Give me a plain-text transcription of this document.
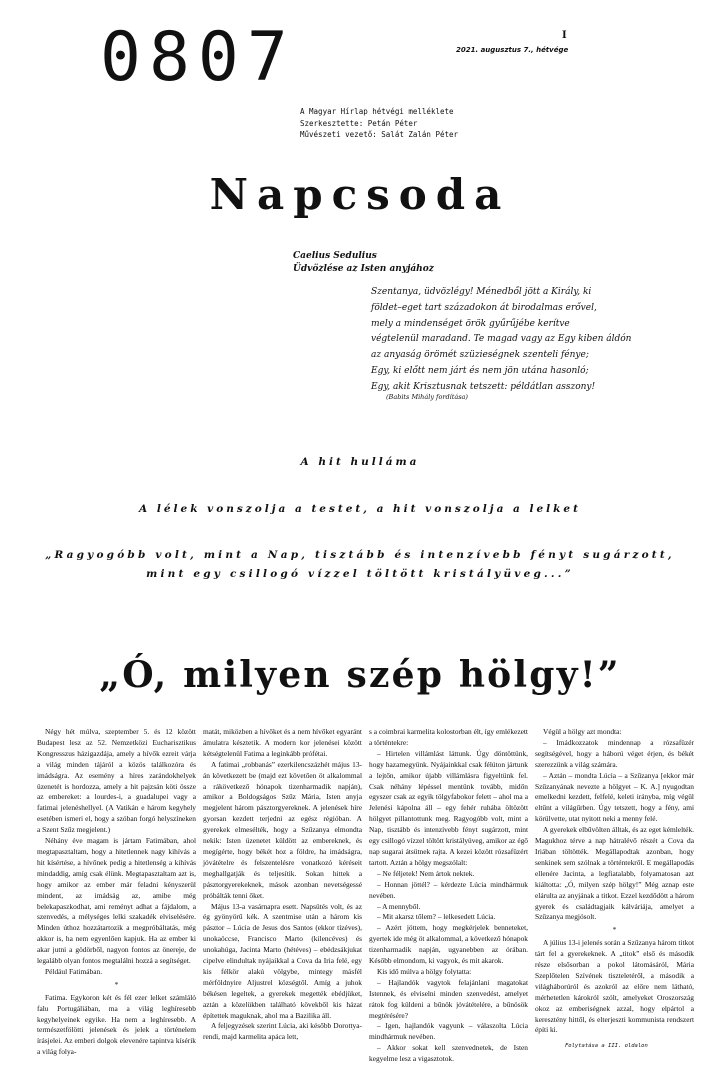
0807	I
2021. augusztus 7., hétvége
A Magyar Hírlap hétvégi melléklete
Szerkesztette: Petán Péter
Művészeti vezető: Salát Zalán Péter
Napcsoda
Caelius Sedulius
Üdvözlése az Isten anyjához
Szentanya, üdvözlégy! Ménedből jött a Király, ki
földet–eget tart századokon át birodalmas erővel,
mely a mindenséget örök gyűrűjébe kerítve
végtelenül maradand. Te magad vagy az Egy kiben áldón
az anyaság örömét szüzieségnek szenteli fénye;
Egy, ki előtt nem járt és nem jön utána hasonló;
Egy, akit Krisztusnak tetszett: példátlan asszony!
(Babits Mihály fordítása)
A hit hulláma
A lélek vonszolja a testet, a hit vonszolja a lelket
„Ragyogóbb volt, mint a Nap, tisztább és intenzívebb fényt sugárzott,
mint egy csillogó vízzel töltött kristályüveg...”
„Ó, milyen szép hölgy!”

Négy hét múlva, szeptember 5. és 12 között Budapest lesz az 52. Nemzetközi Eucharisztikus Kongresszus házigazdája, amely a hívők ezreit várja a világ minden tájáról a közös találkozóra és imádságra. Az esemény a híres zarándokhelyek üzenetét is hordozza, amely a hit pajzsán köti össze az embereket: a lourdes-i, a guadalupei vagy a fatimai jelenéshellyel. (A Vatikán e három kegyhely esetében ismeri el, hogy a szóban forgó helyszíneken a Szent Szűz megjelent.)

Néhány éve magam is jártam Fatimában, ahol megtapasztaltam, hogy a hitetlennek nagy kihívás a hit kísértése, a hívőnek pedig a hitetlenség a kihívás mindaddig, amíg csak élünk. Megtapasztaltam azt is, hogy amikor az ember már feladni kényszerül mindent, az imádság az, amibe még belekapaszkodhat, ami reményt adhat a fájdalom, a szenvedés, a mélységes lelki szakadék elviselésére. Minden úthoz hozzátartozik a megpróbáltatás, még akkor is, ha nem egyenlően kapjuk. Ha az ember ki akar jutni a gödörből, nagyon fontos az önereje, de legalább olyan fontos megtalálni hozzá a segítséget.

Például Fatimában.

*

Fatima. Egykoron két és fél ezer lelket számláló falu Portugáliában, ma a világ leghíresebb kegyhelyeinek egyike. Ha nem a leghíresebb. A természetfölötti jelenések és jelek a történelem írásjelei. Az emberi dolgok elevenére tapintva kísérik a világ folya-

matát, miközben a hívőket és a nem hívőket egyaránt ámulatra késztetik. A modern kor jelenései között kétségtelenül Fatima a leginkább prófétai.

A fatimai „robbanás” ezerkilencszázhét május 13-án következett be (majd ezt követően öt alkalommal a rákövetkező hónapok tizenharmadik napján), amikor a Boldogságos Szűz Mária, Isten anyja megjelent három pásztorgyereknek. A jelenések híre gyorsan kezdett terjedni az egész régióban. A gyerekek elmesélték, hogy a Szűzanya elmondta nekik: Isten üzenetet küldött az embereknek, és megígérte, hogy békét hoz a földre, ha imádságra, jóvátételre és felszentelésre vonatkozó kéréseit meghallgatják és teljesítik. Sokan hittek a pásztorgyerekeknek, mások azonban nevetségessé próbálták tenni őket.

Május 13-a vasárnapra esett. Napsütés volt, és az ég gyönyörű kék. A szentmise után a három kis pásztor – Lúcia de Jesus dos Santos (ekkor tízéves), unokaöccse, Francisco Marto (kilencéves) és unokahúga, Jacinta Marto (hétéves) – ebédzsákjukat cipelve elindultak nyájaikkal a Cova da Iria felé, egy kis félkör alakú völgybe, mintegy másfél mérföldnyire Aljustrel községtől. Amíg a juhok békésen legeltek, a gyerekek megették ebédjüket, aztán a közelükben található kövekből kis házat építettek maguknak, ahol ma a Bazilika áll.

A feljegyzések szerint Lúcia, aki később Dorottya-rendi, majd karmelita apáca lett,

s a coimbrai karmelita kolostorban élt, így emlékezett a történtekre:

– Hirtelen villámlást láttunk. Úgy döntöttünk, hogy hazamegyünk. Nyájainkkal csak félúton jártunk a lejtőn, amikor újabb villámlásra figyeltünk fel. Csak néhány lépéssel mentünk tovább, midőn egyszer csak az egyik tölgyfabokor felett – ahol ma a Jelenési kápolna áll – egy fehér ruhába öltözött hölgyet pillantottunk meg. Ragyogóbb volt, mint a Nap, tisztább és intenzívebb fényt sugárzott, mint egy csillogó vízzel töltött kristályüveg, amikor az égő nap sugarai átsütnek rajta. A kezei között rózsafüzért tartott. Aztán a hölgy megszólalt:

– Ne féljetek! Nem ártok nektek.

– Honnan jöttél? – kérdezte Lúcia mindhármuk nevében.

– A mennyből.

– Mit akarsz tőlem? – lelkesedett Lúcia.

– Azért jöttem, hogy megkérjelek benneteket, gyertek ide még öt alkalommal, a következő hónapok tizenharmadik napján, ugyanebben az órában. Később elmondom, ki vagyok, és mit akarok.

Kis idő múlva a hölgy folytatta:

– Hajlandók vagytok felajánlani magatokat Istennek, és elviselni minden szenvedést, amelyet rátok fog küldeni a bűnök jóvátételére, a bűnösök megtérésére?

– Igen, hajlandók vagyunk – válaszolta Lúcia mindhármuk nevében.

– Akkor sokat kell szenvednetek, de Isten kegyelme lesz a vigasztotok.

Végül a hölgy azt mondta:

– Imádkozzatok mindennap a rózsafüzér segítségével, hogy a háború véget érjen, és békét szerezzünk a világ számára.

– Aztán – mondta Lúcia – a Szűzanya [ekkor már Szűzanyának nevezte a hölgyet – K. A.] nyugodtan emelkedni kezdett, felfelé, keleti irányba, míg végül eltűnt a világűrben. Úgy tetszett, hogy a fény, ami körülvette, utat nyitott neki a menny felé.

A gyerekek elbűvölten álltak, és az eget kémlelték. Magukhoz térve a nap hátralévő részét a Cova da Iriában töltötték. Megállapodtak azonban, hogy senkinek sem szólnak a történtekről. E megállapodás ellenére Jacinta, a legfiatalabb, folyamatosan azt kiáltotta: „Ó, milyen szép hölgy!” Még aznap este elárulta az anyjának a titkot. Ezzel kezdődött a három gyerek és családtagjaik kálváriája, amelyet a Szűzanya megjósolt.

*

A július 13-i jelenés során a Szűzanya három titkot tárt fel a gyerekeknek. A „titok” első és második része elsősorban a pokol látomásáról, Mária Szeplőtelen Szívének tiszteletéről, a második a világháborúról és azokról az előre nem látható, mérhetetlen károkról szólt, amelyeket Oroszország okoz az emberiségnek azzal, hogy elpártol a keresztény hittől, és elterjeszti kommunista rendszert építi ki.

Folytatása a III. oldalon
